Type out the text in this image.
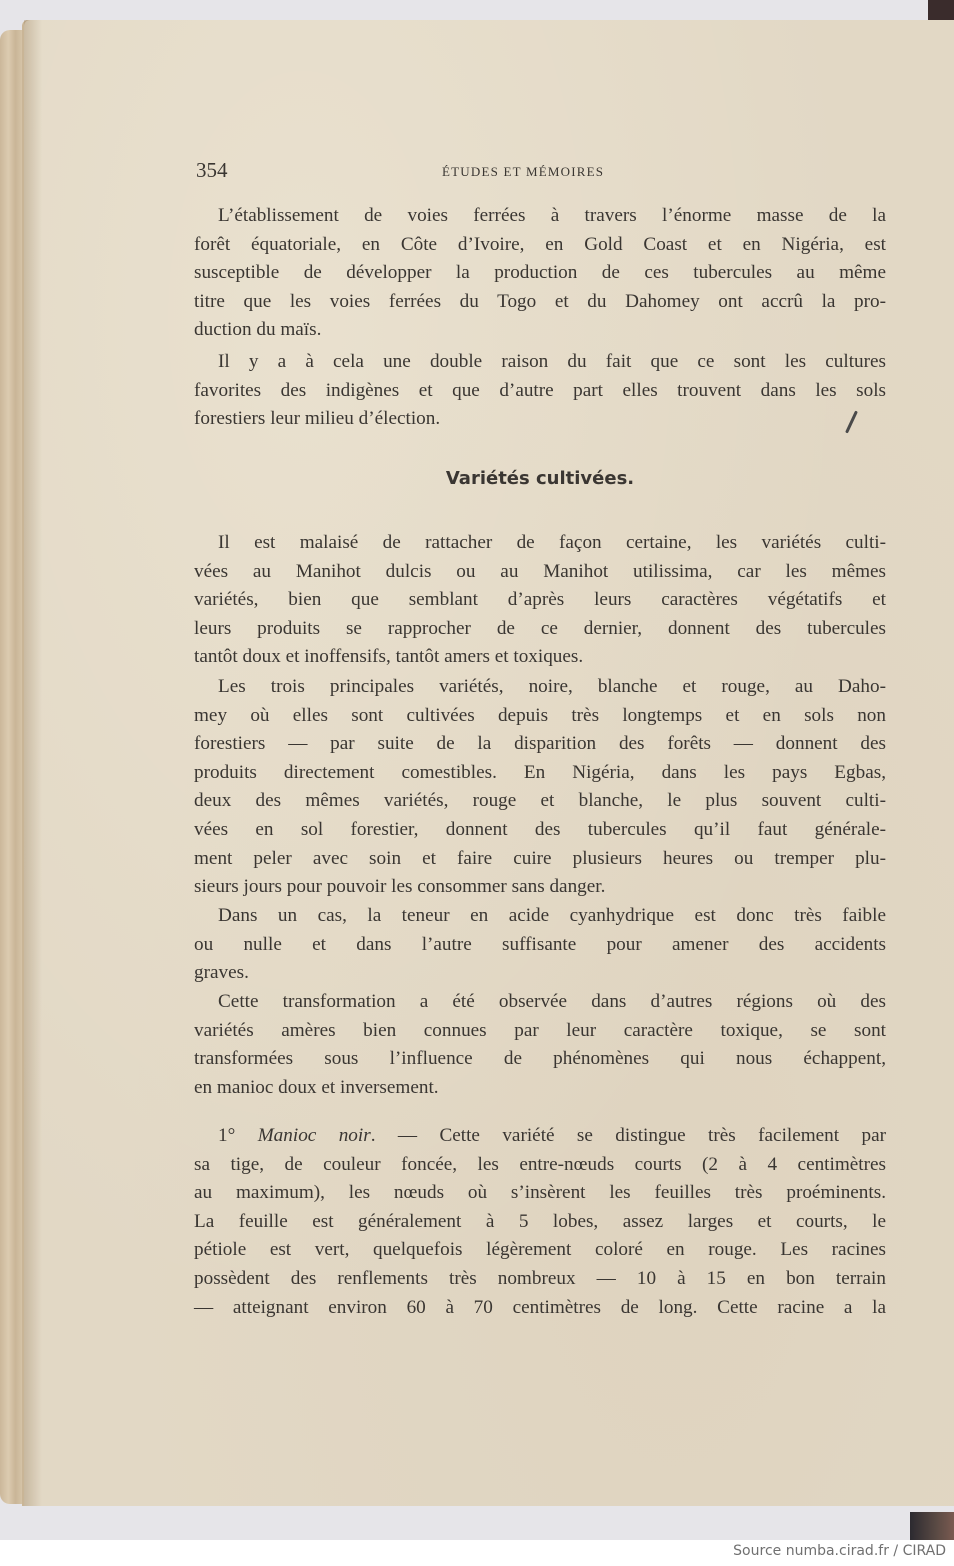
354	ÉTUDES ET MÉMOIRES
L’établissement de voies ferrées à travers l’énorme masse de la
forêt équatoriale, en Côte d’Ivoire, en Gold Coast et en Nigéria, est
susceptible de développer la production de ces tubercules au même
titre que les voies ferrées du Togo et du Dahomey ont accrû la pro-
duction du maïs.
Il y a à cela une double raison du fait que ce sont les cultures
favorites des indigènes et que d’autre part elles trouvent dans les sols
forestiers leur milieu d’élection.
Variétés cultivées.
Il est malaisé de rattacher de façon certaine, les variétés culti-
vées au Manihot dulcis ou au Manihot utilissima, car les mêmes
variétés, bien que semblant d’après leurs caractères végétatifs et
leurs produits se rapprocher de ce dernier, donnent des tubercules
tantôt doux et inoffensifs, tantôt amers et toxiques.
Les trois principales variétés, noire, blanche et rouge, au Daho-
mey où elles sont cultivées depuis très longtemps et en sols non
forestiers — par suite de la disparition des forêts — donnent des
produits directement comestibles. En Nigéria, dans les pays Egbas,
deux des mêmes variétés, rouge et blanche, le plus souvent culti-
vées en sol forestier, donnent des tubercules qu’il faut générale-
ment peler avec soin et faire cuire plusieurs heures ou tremper plu-
sieurs jours pour pouvoir les consommer sans danger.
Dans un cas, la teneur en acide cyanhydrique est donc très faible
ou nulle et dans l’autre suffisante pour amener des accidents
graves.
Cette transformation a été observée dans d’autres régions où des
variétés amères bien connues par leur caractère toxique, se sont
transformées sous l’influence de phénomènes qui nous échappent,
en manioc doux et inversement.
1° Manioc noir. — Cette variété se distingue très facilement par
sa tige, de couleur foncée, les entre-nœuds courts (2 à 4 centimètres
au maximum), les nœuds où s’insèrent les feuilles très proéminents.
La feuille est généralement à 5 lobes, assez larges et courts, le
pétiole est vert, quelquefois légèrement coloré en rouge. Les racines
possèdent des renflements très nombreux — 10 à 15 en bon terrain
— atteignant environ 60 à 70 centimètres de long. Cette racine a la
Source numba.cirad.fr / CIRAD
